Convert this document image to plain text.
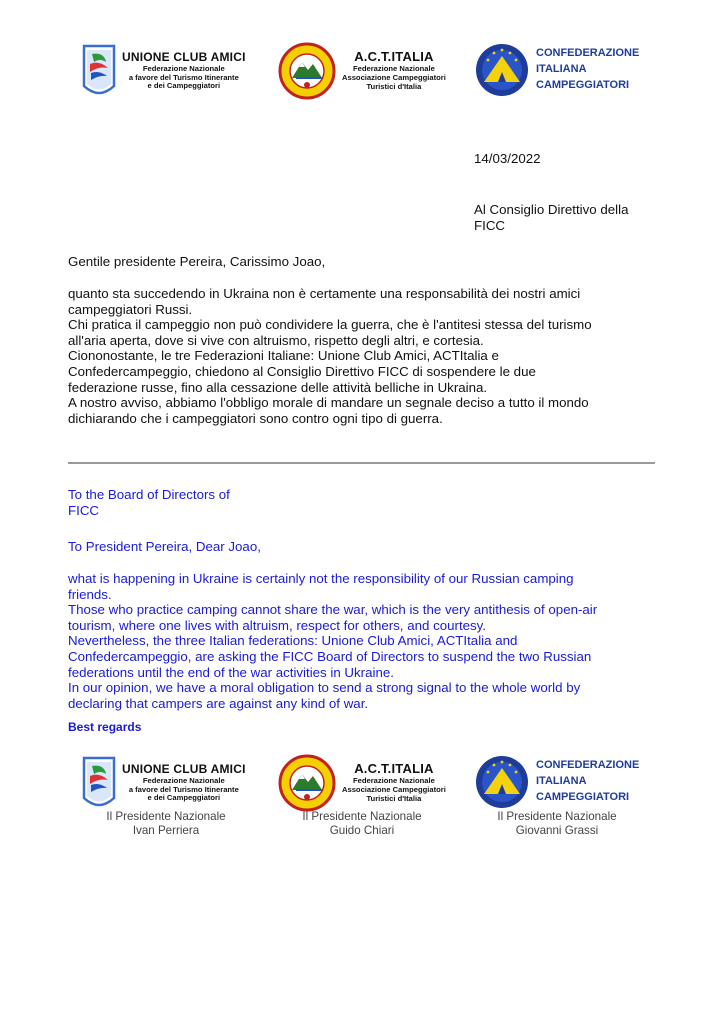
UNIONE CLUB AMICI
Federazione Nazionale
a favore del Turismo Itinerante
e dei Campeggiatori
A.C.T.ITALIA
Federazione Nazionale
Associazione Campeggiatori
Turistici d'Italia
CONFEDERAZIONE
ITALIANA
CAMPEGGIATORI
14/03/2022
Al Consiglio Direttivo della
FICC
Gentile presidente Pereira, Carissimo Joao,
quanto sta succedendo in Ukraina non è certamente una responsabilità dei nostri amici
campeggiatori Russi.
Chi pratica il campeggio non può condividere la guerra, che è l'antitesi stessa del turismo
all'aria aperta, dove si vive con altruismo, rispetto degli altri, e cortesia.
Ciononostante, le tre Federazioni Italiane: Unione Club Amici, ACTItalia e
Confedercampeggio, chiedono al Consiglio Direttivo FICC di sospendere le due
federazione russe, fino alla cessazione delle attività belliche in Ukraina.
A nostro avviso, abbiamo l'obbligo morale di mandare un segnale deciso a tutto il mondo
dichiarando che i campeggiatori sono contro ogni tipo di guerra.
To the Board of Directors of
FICC
To President Pereira, Dear Joao,
what is happening in Ukraine is certainly not the responsibility of our Russian camping
friends.
Those who practice camping cannot share the war, which is the very antithesis of open-air
tourism, where one lives with altruism, respect for others, and courtesy.
Nevertheless, the three Italian federations: Unione Club Amici, ACTItalia and
Confedercampeggio, are asking the FICC Board of Directors to suspend the two Russian
federations until the end of the war activities in Ukraine.
In our opinion, we have a moral obligation to send a strong signal to the whole world by
declaring that campers are against any kind of war.
Best regards
UNIONE CLUB AMICI
Federazione Nazionale
a favore del Turismo Itinerante
e dei Campeggiatori
A.C.T.ITALIA
Federazione Nazionale
Associazione Campeggiatori
Turistici d'Italia
CONFEDERAZIONE
ITALIANA
CAMPEGGIATORI
Il Presidente Nazionale
Ivan Perriera
Il Presidente Nazionale
Guido Chiari
Il Presidente Nazionale
Giovanni Grassi
